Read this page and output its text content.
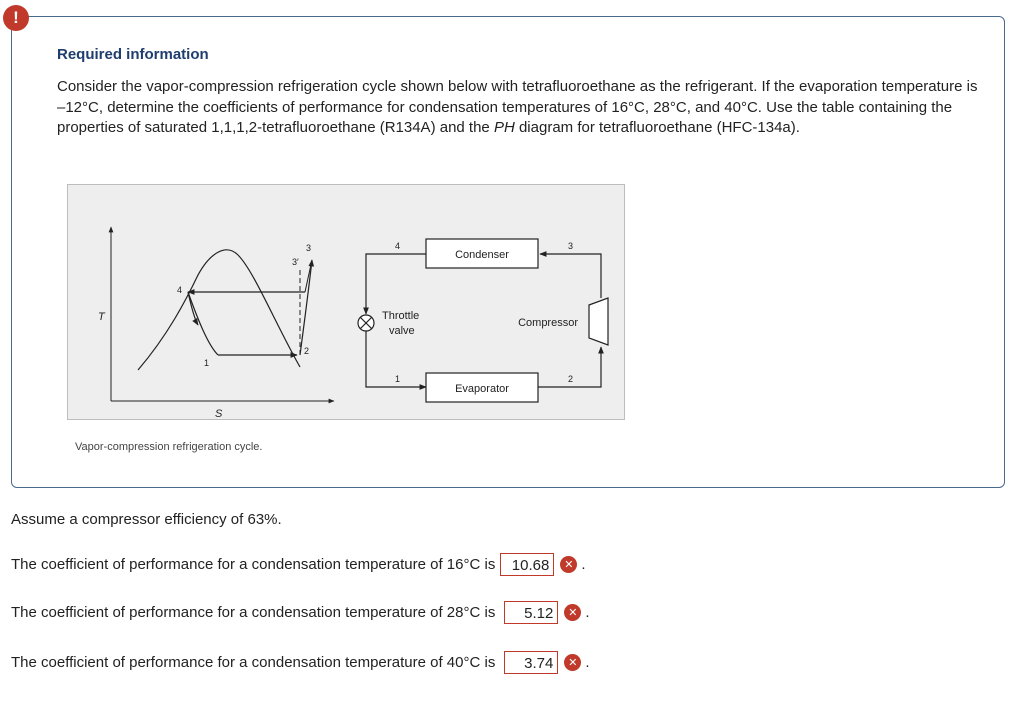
Required information

Consider the vapor-compression refrigeration cycle shown below with tetrafluoroethane as the refrigerant. If the evaporation temperature is –12°C, determine the coefficients of performance for condensation temperatures of 16°C, 28°C, and 40°C. Use the table containing the properties of saturated 1,1,1,2-tetrafluoroethane (R134A) and the PH diagram for tetrafluoroethane (HFC-134a).

T
S
4
1
2
3′
3
Condenser
Evaporator
Compressor
Throttle
valve
4	3
1	2
Vapor-compression refrigeration cycle.
!
Assume a compressor efficiency of 63%.
The coefficient of performance for a condensation temperature of 16°C is	10.68	✕ .
The coefficient of performance for a condensation temperature of 28°C is	5.12	✕ .
The coefficient of performance for a condensation temperature of 40°C is	3.74	✕ .
